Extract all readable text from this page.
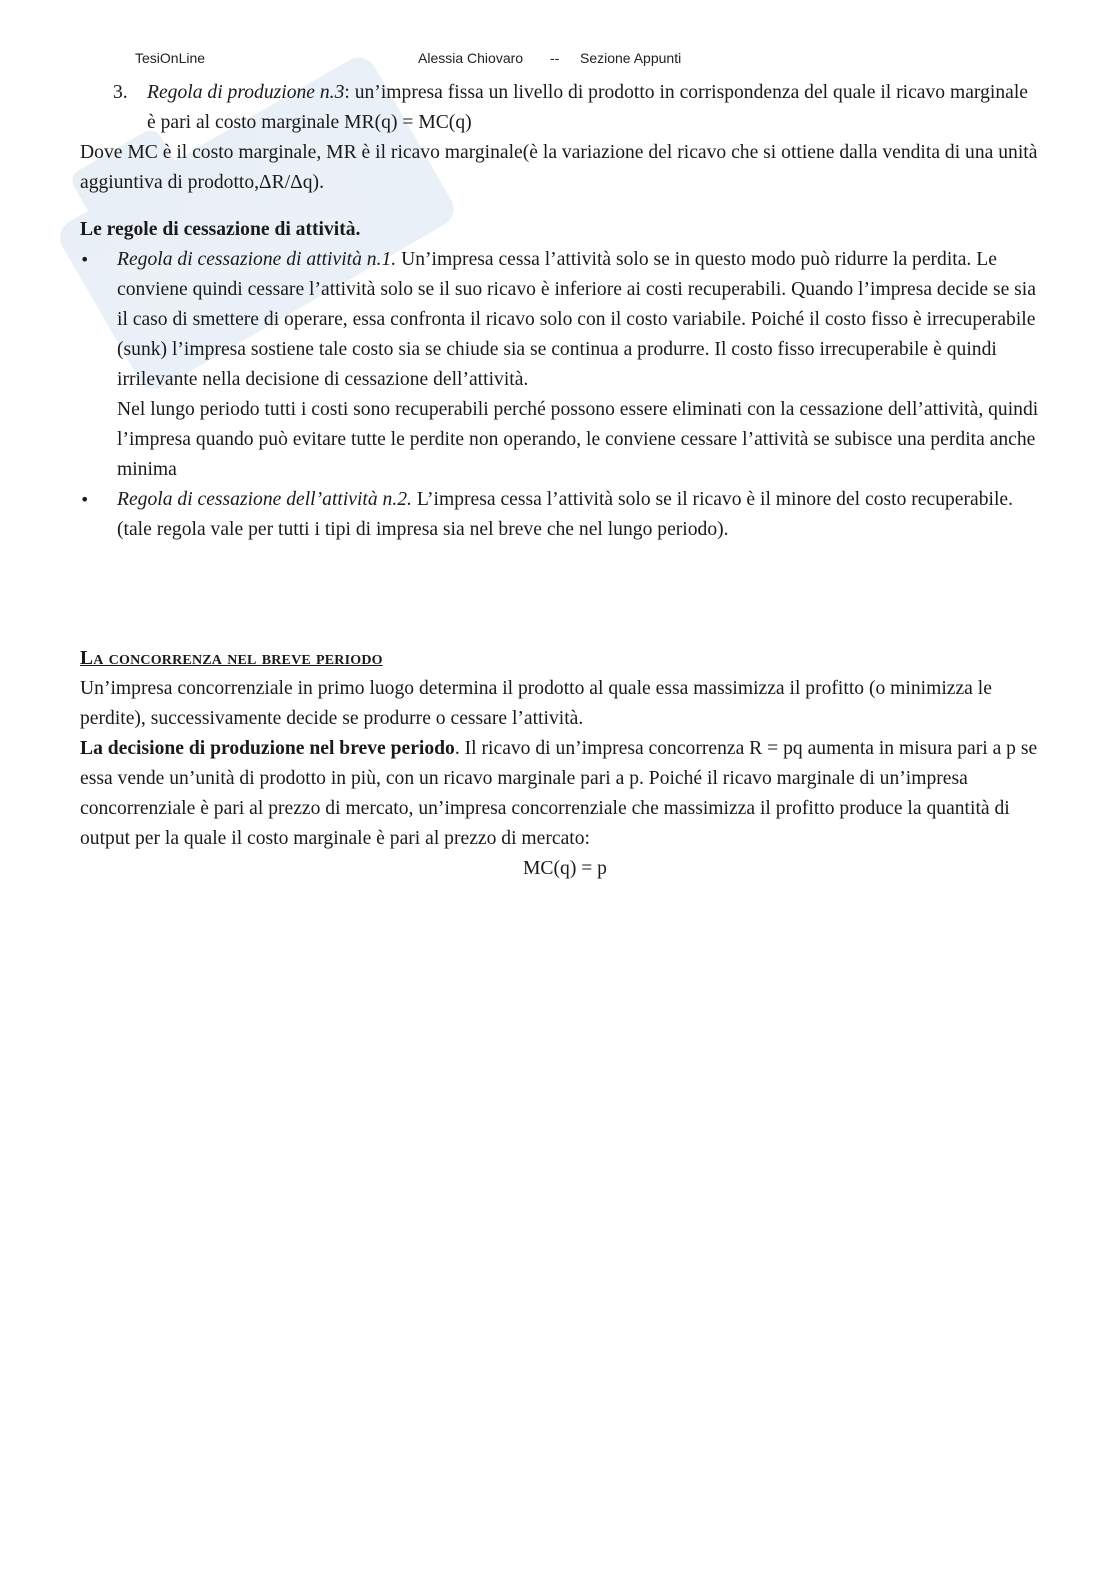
TesiOnLine	Alessia Chiovaro -- Sezione Appunti

3. Regola di produzione n.3: un’impresa fissa un livello di prodotto in corrispondenza del quale il ricavo marginale è pari al costo marginale MR(q) = MC(q)

Dove MC è il costo marginale, MR è il ricavo marginale(è la variazione del ricavo che si ottiene dalla vendita di una unità aggiuntiva di prodotto,ΔR/Δq).

Le regole di cessazione di attività.

• Regola di cessazione di attività n.1. Un’impresa cessa l’attività solo se in questo modo può ridurre la perdita. Le conviene quindi cessare l’attività solo se il suo ricavo è inferiore ai costi recuperabili. Quando l’impresa decide se sia il caso di smettere di operare, essa confronta il ricavo solo con il costo variabile. Poiché il costo fisso è irrecuperabile (sunk) l’impresa sostiene tale costo sia se chiude sia se continua a produrre. Il costo fisso irrecuperabile è quindi irrilevante nella decisione di cessazione dell’attività.

Nel lungo periodo tutti i costi sono recuperabili perché possono essere eliminati con la cessazione dell’attività, quindi l’impresa quando può evitare tutte le perdite non operando, le conviene cessare l’attività se subisce una perdita anche minima

• Regola di cessazione dell’attività n.2. L’impresa cessa l’attività solo se il ricavo è il minore del costo recuperabile. (tale regola vale per tutti i tipi di impresa sia nel breve che nel lungo periodo).

La concorrenza nel breve periodo

Un’impresa concorrenziale in primo luogo determina il prodotto al quale essa massimizza il profitto (o minimizza le perdite), successivamente decide se produrre o cessare l’attività.

La decisione di produzione nel breve periodo. Il ricavo di un’impresa concorrenza R = pq aumenta in misura pari a p se essa vende un’unità di prodotto in più, con un ricavo marginale pari a p. Poiché il ricavo marginale di un’impresa concorrenziale è pari al prezzo di mercato, un’impresa concorrenziale che massimizza il profitto produce la quantità di output per la quale il costo marginale è pari al prezzo di mercato:

MC(q) = p
